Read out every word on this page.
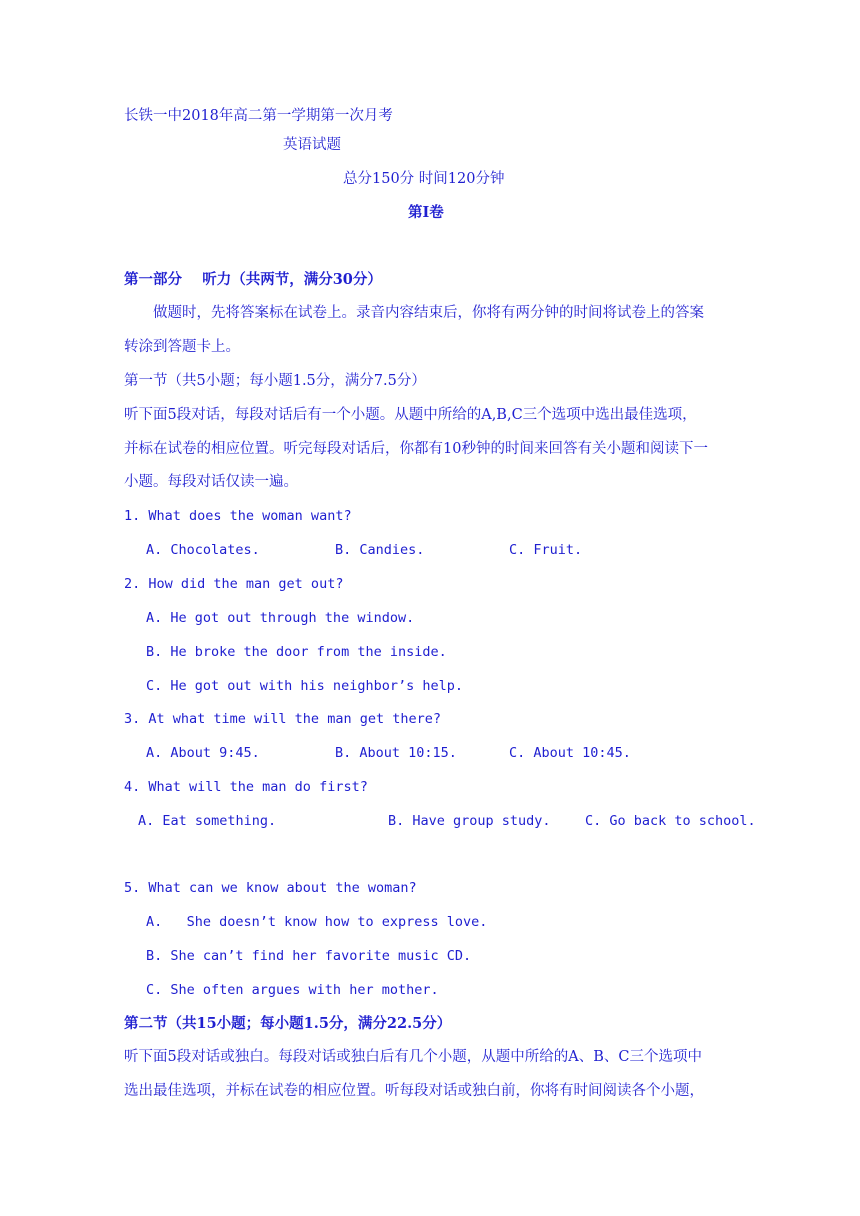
长铁一中2018年高二第一学期第一次月考
英语试题
总分150分 时间120分钟
第Ⅰ卷
第一部分    听力（共两节，满分30分）
做题时，先将答案标在试卷上。录音内容结束后，你将有两分钟的时间将试卷上的答案
转涂到答题卡上。
第一节（共5小题；每小题1.5分，满分7.5分）
听下面5段对话，每段对话后有一个小题。从题中所给的A,B,C三个选项中选出最佳选项，
并标在试卷的相应位置。听完每段对话后，你都有10秒钟的时间来回答有关小题和阅读下一
小题。每段对话仅读一遍。
1. What does the woman want?
A. Chocolates.	B. Candies.	C. Fruit.
2. How did the man get out?
A. He got out through the window.
B. He broke the door from the inside.
C. He got out with his neighbor’s help.
3. At what time will the man get there?
A. About 9:45.	B. About 10:15.	C. About 10:45.
4. What will the man do first?
A. Eat something.	B. Have group study.	C. Go back to school.
5. What can we know about the woman?
A.   She doesn’t know how to express love.
B. She can’t find her favorite music CD.
C. She often argues with her mother.
第二节（共15小题；每小题1.5分，满分22.5分）
听下面5段对话或独白。每段对话或独白后有几个小题，从题中所给的A、B、C三个选项中
选出最佳选项，并标在试卷的相应位置。听每段对话或独白前，你将有时间阅读各个小题，
